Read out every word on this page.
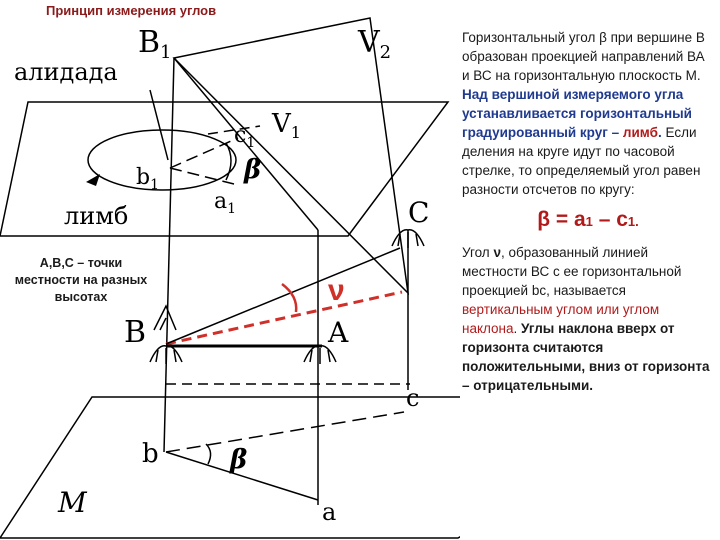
Принцип измерения углов
$B_1$	$V_2$
алидада
$V_1$
$c_1$
$b_1$	β
$a_1$
лимб	C
ν
B	A
c
b	β
M	a
А,В,С – точки местности на разных высотах

Горизонтальный угол β при вершине В образован проекцией направлений ВА и ВС на горизонтальную плоскость М. Над вершиной измеряемого угла устанавливается горизонтальный градуированный круг – лимб. Если деления на круге идут по часовой стрелке, то определяемый угол равен разности отсчетов по кругу:

β = а1 – с1.

Угол ν, образованный линией местности ВС с ее горизонтальной проекцией bc, называется вертикальным углом или углом наклона. Углы наклона вверх от горизонта считаются положительными, вниз от горизонта – отрицательными.
